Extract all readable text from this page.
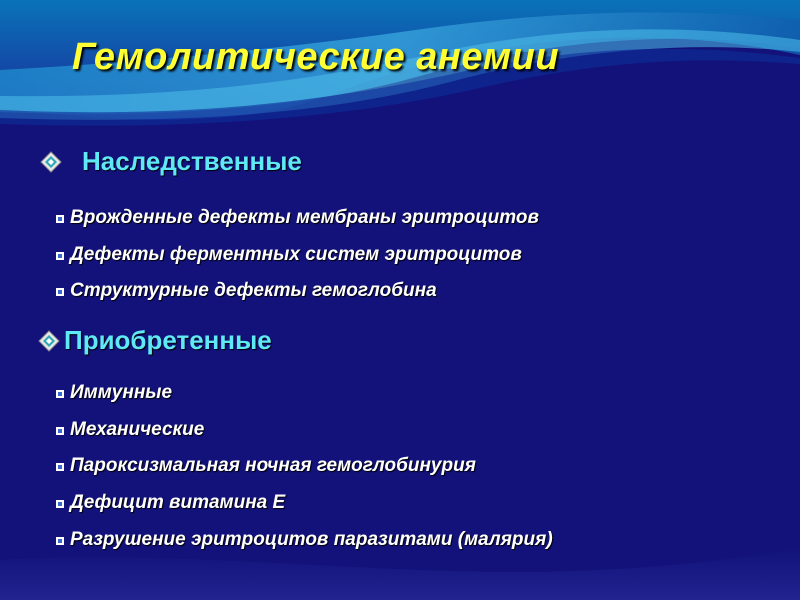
Гемолитические анемии
Наследственные
Врожденные дефекты мембраны эритроцитов
Дефекты ферментных систем эритроцитов
Структурные дефекты гемоглобина
Приобретенные
Иммунные
Механические
Пароксизмальная ночная гемоглобинурия
Дефицит витамина Е
Разрушение эритроцитов паразитами (малярия)
